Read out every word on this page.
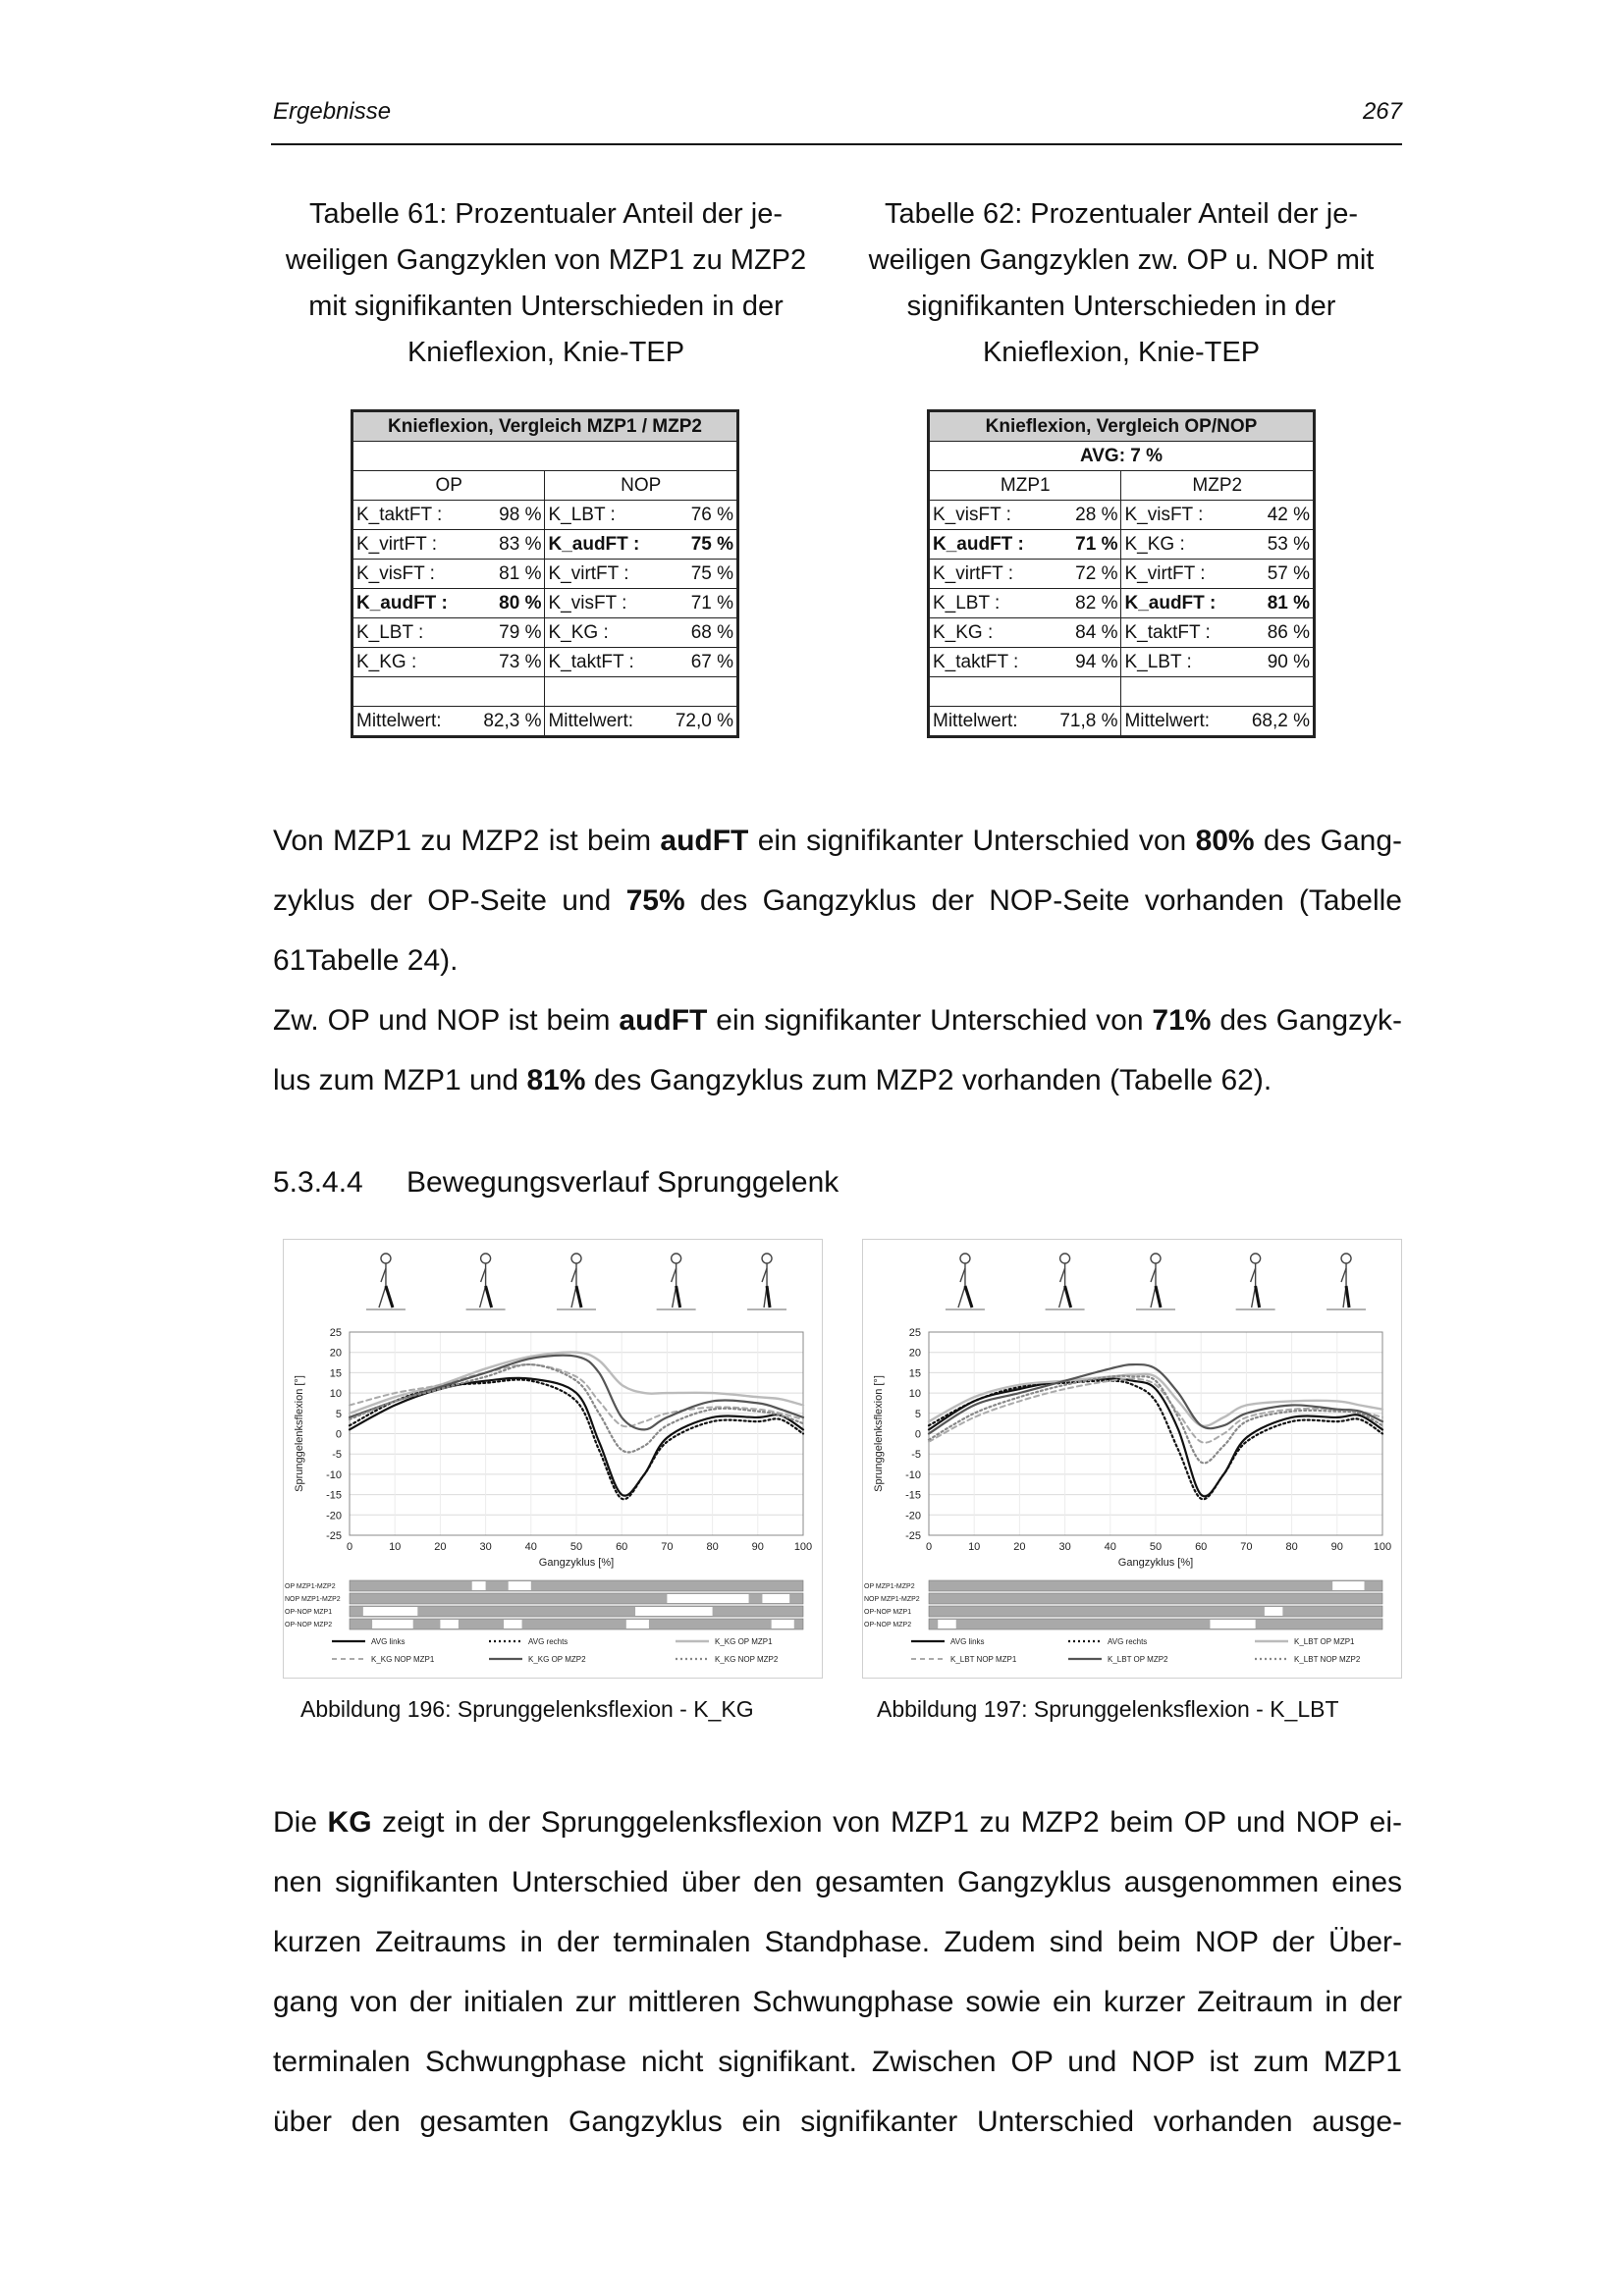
Ergebnisse	267
Tabelle 61: Prozentualer Anteil der je-
weiligen Gangzyklen von MZP1 zu MZP2
mit signifikanten Unterschieden in der
Knieflexion, Knie-TEP
Tabelle 62: Prozentualer Anteil der je-
weiligen Gangzyklen zw. OP u. NOP mit
signifikanten Unterschieden in der
Knieflexion, Knie-TEP
Knieflexion, Vergleich MZP1 / MZP2			

OP		NOP	
K_taktFT :	98 %	K_LBT :	76 %
K_virtFT :	83 %	K_audFT :	75 %
K_visFT :	81 %	K_virtFT :	75 %
K_audFT :	80 %	K_visFT :	71 %
K_LBT :	79 %	K_KG :	68 %
K_KG :	73 %	K_taktFT :	67 %

Mittelwert:	82,3 %	Mittelwert:	72,0 %
Knieflexion, Vergleich OP/NOP			
AVG: 7 %			
MZP1		MZP2	
K_visFT :	28 %	K_visFT :	42 %
K_audFT :	71 %	K_KG :	53 %
K_virtFT :	72 %	K_virtFT :	57 %
K_LBT :	82 %	K_audFT :	81 %
K_KG :	84 %	K_taktFT :	86 %
K_taktFT :	94 %	K_LBT :	90 %

Mittelwert:	71,8 %	Mittelwert:	68,2 %

Von MZP1 zu MZP2 ist beim audFT ein signifikanter Unterschied von 80% des Gang-

zyklus der OP-Seite und 75% des Gangzyklus der NOP-Seite vorhanden (Tabelle

61Tabelle 24).

Zw. OP und NOP ist beim audFT ein signifikanter Unterschied von 71% des Gangzyk-

lus zum MZP1 und 81% des Gangzyklus zum MZP2 vorhanden (Tabelle 62).

5.3.4.4 Bewegungsverlauf Sprunggelenk
25
20
15
10
5
0
-5
-10
-15
-20
-25
0	10	20	30	40	50	60	70	80	90	100
Gangzyklus [%]
Sprunggelenksflexion [°]
OP MZP1-MZP2
NOP MZP1-MZP2
OP-NOP MZP1
OP-NOP MZP2
AVG links	AVG rechts	K_KG OP MZP1
K_KG NOP MZP1	K_KG OP MZP2	K_KG NOP MZP2
25
20
15
10
5
0
-5
-10
-15
-20
-25
0	10	20	30	40	50	60	70	80	90	100
Gangzyklus [%]
Sprunggelenksflexion [°]
OP MZP1-MZP2
NOP MZP1-MZP2
OP-NOP MZP1
OP-NOP MZP2
AVG links	AVG rechts	K_LBT OP MZP1
K_LBT NOP MZP1	K_LBT OP MZP2	K_LBT NOP MZP2
Abbildung 196: Sprunggelenksflexion - K_KG	Abbildung 197: Sprunggelenksflexion - K_LBT

Die KG zeigt in der Sprunggelenksflexion von MZP1 zu MZP2 beim OP und NOP ei-

nen signifikanten Unterschied über den gesamten Gangzyklus ausgenommen eines

kurzen Zeitraums in der terminalen Standphase. Zudem sind beim NOP der Über-

gang von der initialen zur mittleren Schwungphase sowie ein kurzer Zeitraum in der

terminalen Schwungphase nicht signifikant. Zwischen OP und NOP ist zum MZP1

über den gesamten Gangzyklus ein signifikanter Unterschied vorhanden ausge-
